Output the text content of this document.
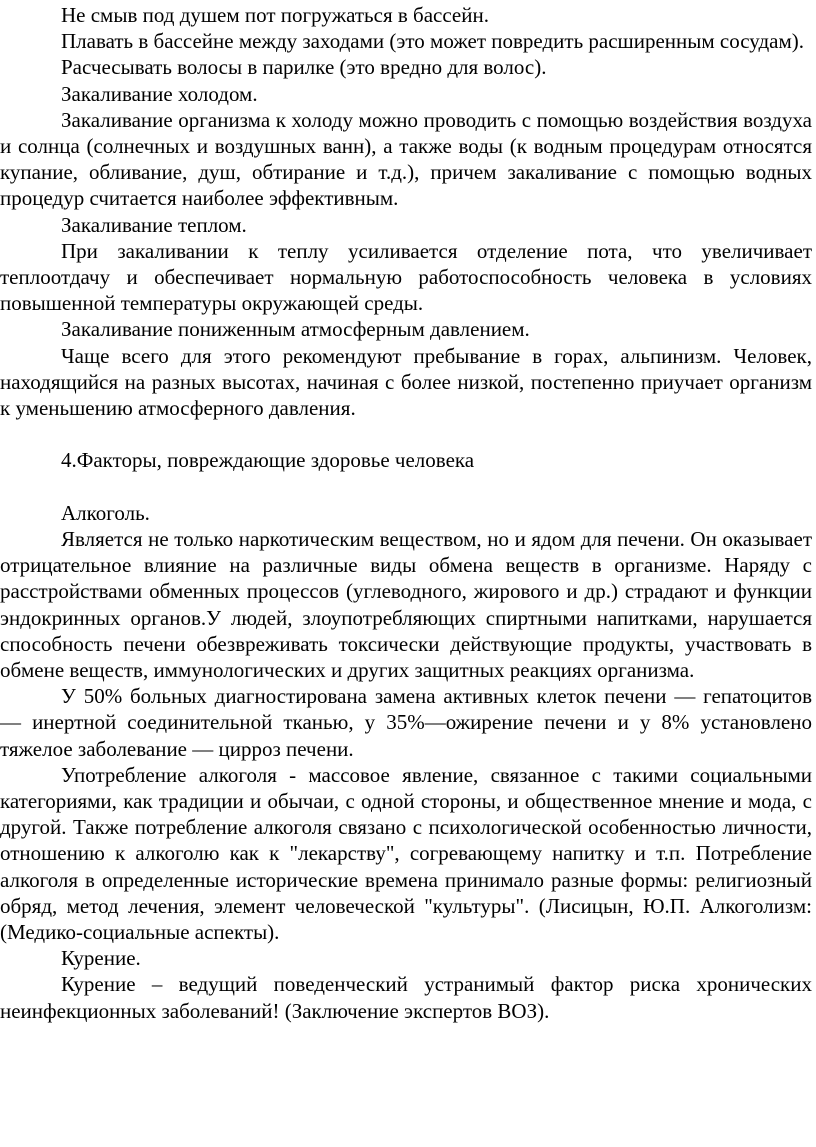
Не смыв под душем пот погружаться в бассейн.

Плавать в бассейне между заходами (это может повредить расширенным сосудам).

Расчесывать волосы в парилке (это вредно для волос).

Закаливание холодом.

Закаливание организма к холоду можно проводить с помощью воздействия воздуха и солнца (солнечных и воздушных ванн), а также воды (к водным процедурам относятся купание, обливание, душ, обтирание и т.д.), причем закаливание с помощью водных процедур считается наиболее эффективным.

Закаливание теплом.

При закаливании к теплу усиливается отделение пота, что увеличивает теплоотдачу и обеспечивает нормальную работоспособность человека в условиях повышенной температуры окружающей среды.

Закаливание пониженным атмосферным давлением.

Чаще всего для этого рекомендуют пребывание в горах, альпинизм. Человек, находящийся на разных высотах, начиная с более низкой, постепенно приучает организм к уменьшению атмосферного давления.

4.Факторы, повреждающие здоровье человека

Алкоголь.

Является не только наркотическим веществом, но и ядом для печени. Он оказывает отрицательное влияние на различные виды обмена веществ в организме. Наряду с расстройствами обменных процессов (углеводного, жирового и др.) страдают и функции эндокринных органов.У людей, злоупотребляющих спиртными напитками, нарушается способность печени обезвреживать токсически действующие продукты, участвовать в обмене веществ, иммунологических и других защитных реакциях организма.

У 50% больных диагностирована замена активных клеток печени — гепатоцитов — инертной соединительной тканью, у 35%—ожирение печени и у 8% установлено тяжелое заболевание — цирроз печени.

Употребление алкоголя - массовое явление, связанное с такими социальными категориями, как традиции и обычаи, с одной стороны, и общественное мнение и мода, с другой. Также потребление алкоголя связано с психологической особенностью личности, отношению к алкоголю как к "лекарству", согревающему напитку и т.п. Потребление алкоголя в определенные исторические времена принимало разные формы: религиозный обряд, метод лечения, элемент человеческой "культуры". (Лисицын, Ю.П. Алкоголизм: (Медико-социальные аспекты).

Курение.

Курение – ведущий поведенческий устранимый фактор риска хронических неинфекционных заболеваний! (Заключение экспертов ВОЗ).
